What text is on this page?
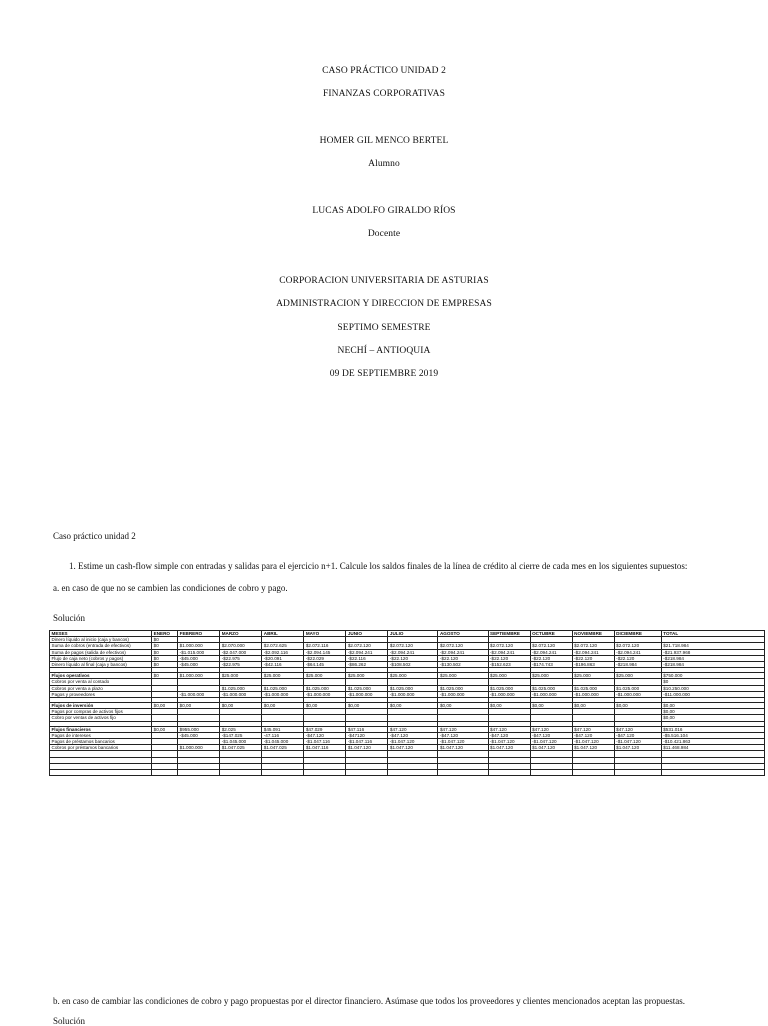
CASO PRÁCTICO UNIDAD 2
FINANZAS CORPORATIVAS
HOMER GIL MENCO BERTEL
Alumno
LUCAS ADOLFO GIRALDO RÍOS
Docente
CORPORACION UNIVERSITARIA DE ASTURIAS
ADMINISTRACION Y DIRECCION DE EMPRESAS
SEPTIMO SEMESTRE
NECHÍ – ANTIOQUIA
09 DE SEPTIEMBRE 2019
Caso práctico unidad 2
1. Estime un cash-flow simple con entradas y salidas para el ejercicio n+1. Calcule los saldos finales de la línea de crédito al cierre de cada mes en los siguientes supuestos:
a. en caso de que no se cambien las condiciones de cobro y pago.
Solución
MESES	ENERO	FEBRERO	MARZO	ABRIL	MAYO	JUNIO	JULIO	AGOSTO	SEPTIEMBRE	OCTUBRE	NOVIEMBRE	DICIEMBRE	TOTAL
Dinero líquido al inicio (caja y bancos)	$0												
Suma de cobros (entrada de efectivos)	$0	$1.000.000	$2.070.000	$2.072.625	$2.072.116	$2.072.120	$2.072.120	$2.072.120	$2.072.120	$2.072.120	$2.072.120	$2.072.120	$21.718.984
Suma de pagos (salida de efectivos)	$0	-$1.015.000	-$2.047.000	-$2.092.116	-$2.094.145	-$2.094.241	-$2.094.241	-$2.094.241	-$2.094.241	-$2.094.241	-$2.094.241	-$2.094.241	-$21.937.968
Flujo de caja neto (cobros y pagos)	$0	-$45.000	-$22.975	-$20.091	-$22.029	-$22.116	-$22.120	-$22.120	-$22.120	-$22.120	-$22.120	-$22.120	-$218.984
Dinero líquido al final (caja y bancos)	$0	-$45.000	-$22.975	-$42.116	-$64.145	-$86.262	-$108.502	-$130.502	-$152.623	-$174.743	-$196.863	-$218.984	-$218.984

Flujos operativos	$0	$1.000.000	$25.000	$25.000	$25.000	$25.000	$25.000	$25.000	$25.000	$25.000	$25.000	$25.000	$750.000
Cobros por venta al contado													$0
Cobros por venta a plazo			$1.025.000	$1.025.000	$1.025.000	$1.025.000	$1.025.000	$1.025.000	$1.025.000	$1.025.000	$1.025.000	$1.025.000	$10.250.000
Pagos y proveedores		-$1.000.000	-$1.000.000	-$1.000.000	-$1.000.000	-$1.000.000	-$1.000.000	-$1.000.000	-$1.000.000	-$1.000.000	-$1.000.000	-$1.000.000	-$11.000.000

Flujos de inversión	$0,00	$0,00	$0,00	$0,00	$0,00	$0,00	$0,00	$0,00	$0,00	$0,00	$0,00	$0,00	$0,00
Pagos por compras de activos fijos													$0,00
Cobro por ventas de activos fijo													$0,00

Flujos financieros	$0,00	$955.000	$2.025	$45.091	$47.029	$47.116	$47.120	$47.120	$47.120	$47.120	$47.120	$47.120	$531.016
Pagos de intereses		-$45.000	-$147.025	-47.116	-$47.120	-$47120	-$47.120	-$47.120	-$47.120	-$47.120	-$47.120	-$47.120	-$5.516.104
Pagos de préstamos bancarios			-$1.045.000	-$1.045.000	-$1.047.116	-$1.047.116	-$1.047.120	-$1.047.120	-$1.047.120	-$1.047.120	-$1.047.120	-$1.047.120	-$10.421.863
Cobros por préstamos bancarios		$1.000.000	$1.047.025	$1.047.025	$1.047.116	$1.047.120	$1.047.120	$1.047.120	$1.047.120	$1.047.120	$1.047.120	$1.047.120	$11.468.984

b. en caso de cambiar las condiciones de cobro y pago propuestas por el director financiero. Asúmase que todos los proveedores y clientes mencionados aceptan las propuestas.
Solución
